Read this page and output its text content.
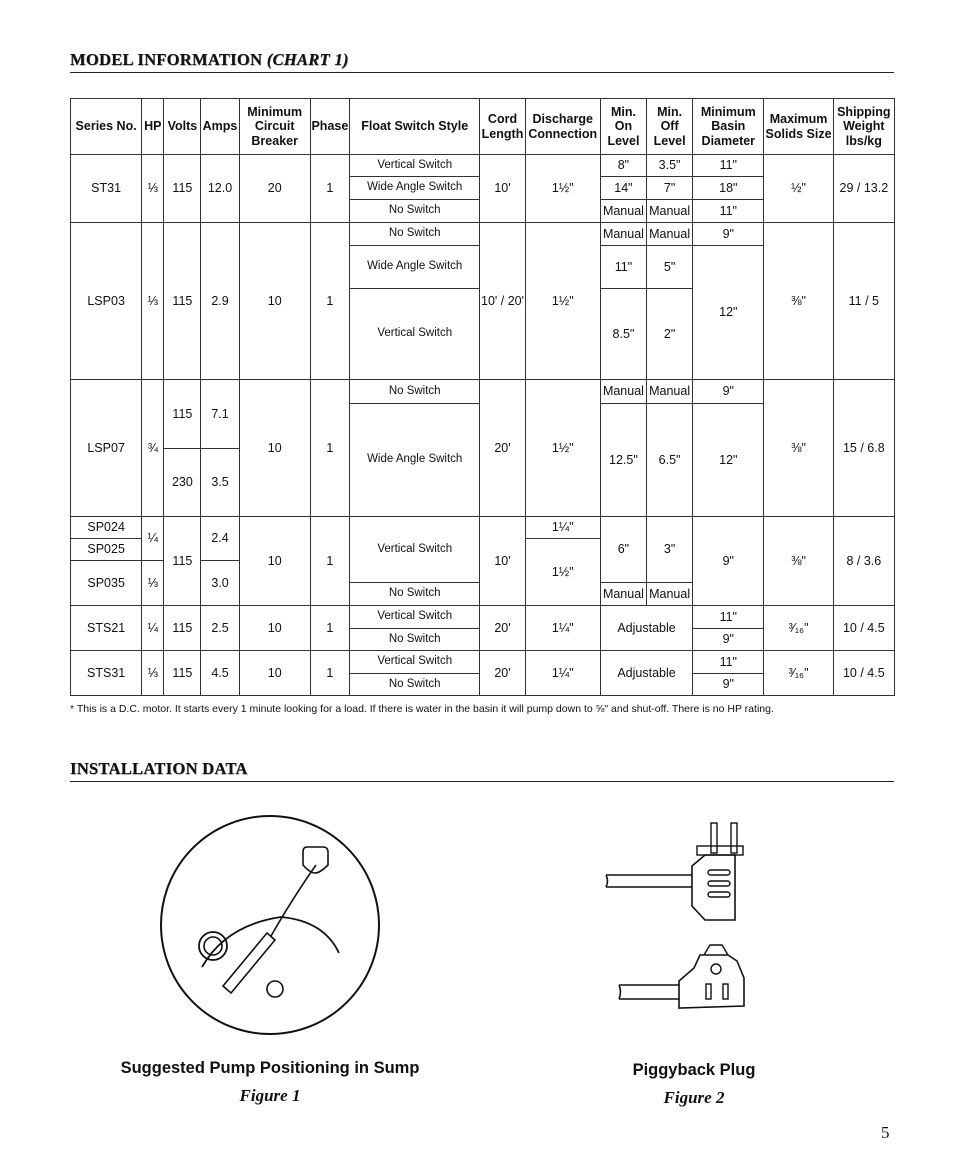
MODEL INFORMATION (CHART 1)
Series No.	HP	Volts	Amps	Minimum Circuit Breaker	Phase	Float Switch Style	Cord Length	Discharge Connection	Min. On Level	Min. Off Level	Minimum Basin Diameter	Maximum Solids Size	Shipping Weight lbs/kg
ST31	⅓	115	12.0	20	1	Vertical Switch	10'	1½"	8"	3.5"	11"	½"	29 / 13.2
						Wide Angle Switch			14"	7"	18"		
						No Switch			Manual	Manual	11"		
LSP03	⅓	115	2.9	10	1	No Switch	10' / 20'	1½"	Manual	Manual	9"	⅜"	11 / 5
						Wide Angle Switch			11"	5"	12"		
						Vertical Switch			8.5"	2"			
LSP07	¾	115	7.1	10	1	No Switch	20'	1½"	Manual	Manual	9"	⅜"	15 / 6.8
						Wide Angle Switch			12.5"	6.5"	12"		
		230	3.5										
SP024	¼	115	2.4	10	1	Vertical Switch	10'	1¼"	6"	3"	9"	⅜"	8 / 3.6
SP025								1½"					
SP035	⅓		3.0										
						No Switch			Manual	Manual			
STS21	¼	115	2.5	10	1	Vertical Switch	20'	1¼"	Adjustable		11"	³⁄₁₆"	10 / 4.5
						No Switch					9"		
STS31	⅓	115	4.5	10	1	Vertical Switch	20'	1¼"	Adjustable		11"	³⁄₁₆"	10 / 4.5
						No Switch					9"		
* This is a D.C. motor. It starts every 1 minute looking for a load. If there is water in the basin it will pump down to ⅝" and shut-off. There is no HP rating.
INSTALLATION DATA
Suggested Pump Positioning in Sump
Figure 1
Piggyback Plug
Figure 2
5
